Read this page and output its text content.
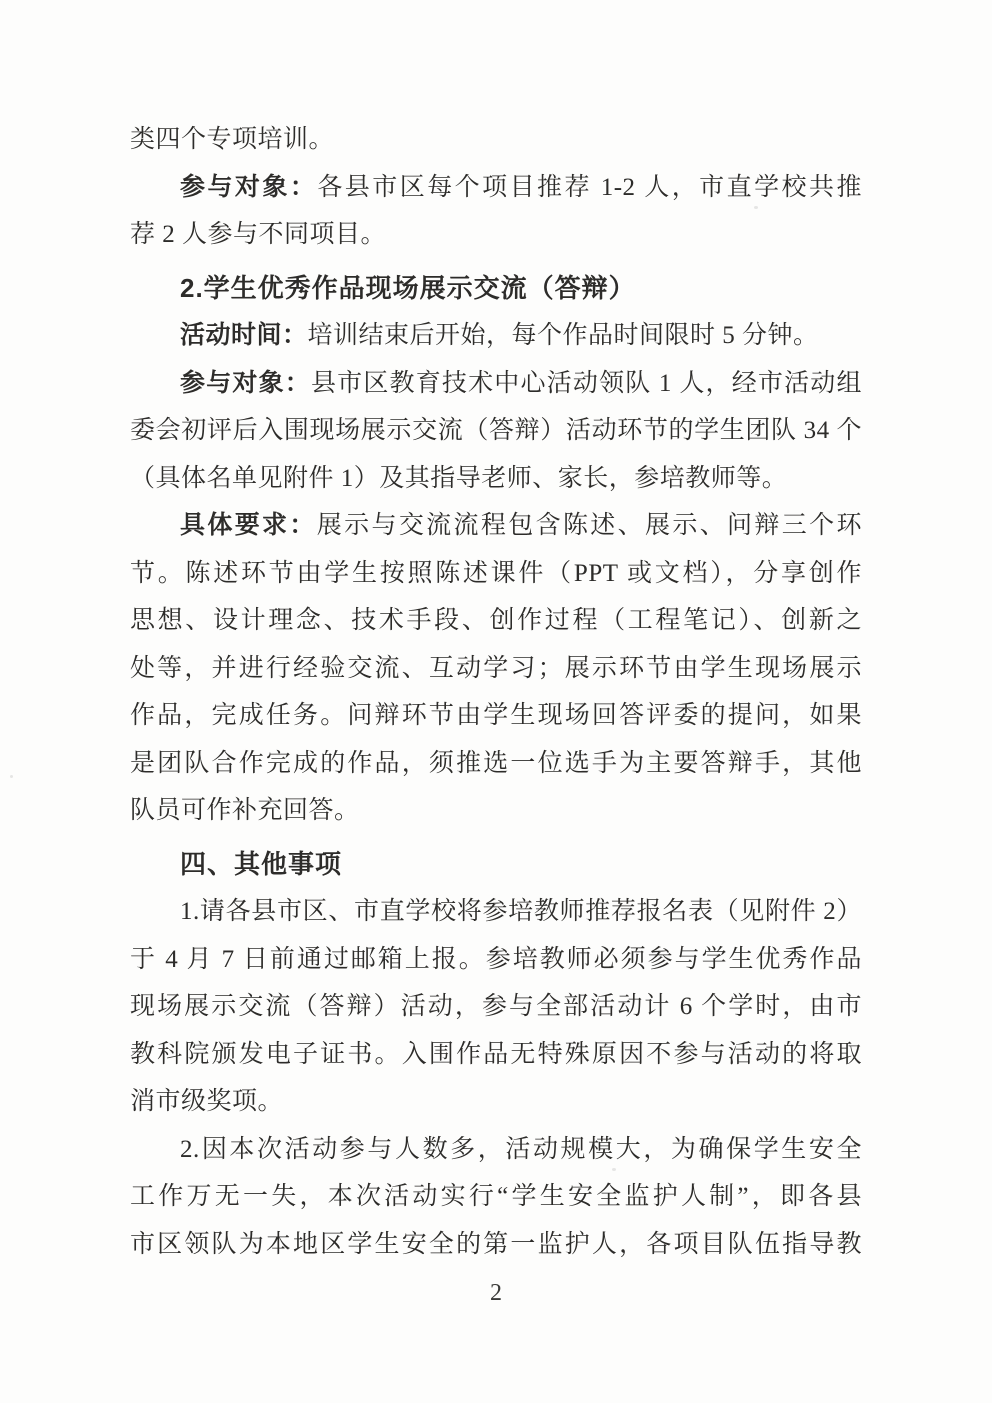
类四个专项培训。
参与对象：各县市区每个项目推荐 1-2 人，市直学校共推
荐 2 人参与不同项目。
2.学生优秀作品现场展示交流（答辩）
活动时间：培训结束后开始，每个作品时间限时 5 分钟。
参与对象：县市区教育技术中心活动领队 1 人，经市活动组
委会初评后入围现场展示交流（答辩）活动环节的学生团队 34 个
（具体名单见附件 1）及其指导老师、家长，参培教师等。
具体要求：展示与交流流程包含陈述、展示、问辩三个环
节。陈述环节由学生按照陈述课件（PPT 或文档），分享创作
思想、设计理念、技术手段、创作过程（工程笔记）、创新之
处等，并进行经验交流、互动学习；展示环节由学生现场展示
作品，完成任务。问辩环节由学生现场回答评委的提问，如果
是团队合作完成的作品，须推选一位选手为主要答辩手，其他
队员可作补充回答。
四、其他事项
1.请各县市区、市直学校将参培教师推荐报名表（见附件 2）
于 4 月 7 日前通过邮箱上报。参培教师必须参与学生优秀作品
现场展示交流（答辩）活动，参与全部活动计 6 个学时，由市
教科院颁发电子证书。入围作品无特殊原因不参与活动的将取
消市级奖项。
2.因本次活动参与人数多，活动规模大，为确保学生安全
工作万无一失，本次活动实行“学生安全监护人制”，即各县
市区领队为本地区学生安全的第一监护人，各项目队伍指导教
2
